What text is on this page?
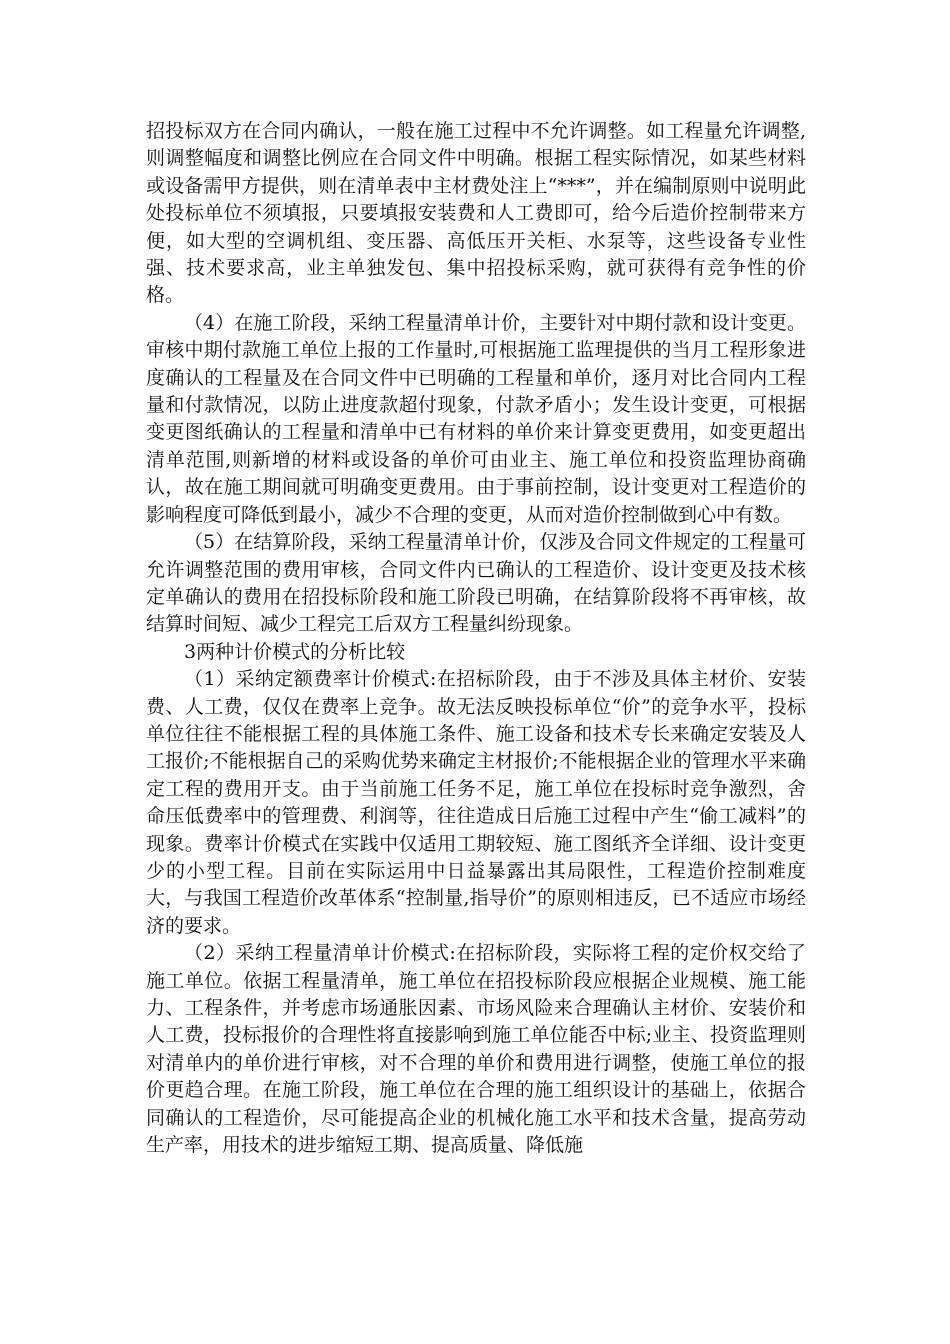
招投标双方在合同内确认，一般在施工过程中不允许调整。如工程量允许调整,则调整幅度和调整比例应在合同文件中明确。根据工程实际情况，如某些材料或设备需甲方提供，则在清单表中主材费处注上“***”，并在编制原则中说明此处投标单位不须填报，只要填报安装费和人工费即可，给今后造价控制带来方便，如大型的空调机组、变压器、高低压开关柜、水泵等，这些设备专业性强、技术要求高，业主单独发包、集中招投标采购，就可获得有竞争性的价格。

（4）在施工阶段，采纳工程量清单计价，主要针对中期付款和设计变更。审核中期付款施工单位上报的工作量时,可根据施工监理提供的当月工程形象进度确认的工程量及在合同文件中已明确的工程量和单价，逐月对比合同内工程量和付款情况，以防止进度款超付现象，付款矛盾小；发生设计变更，可根据变更图纸确认的工程量和清单中已有材料的单价来计算变更费用，如变更超出清单范围,则新增的材料或设备的单价可由业主、施工单位和投资监理协商确认，故在施工期间就可明确变更费用。由于事前控制，设计变更对工程造价的影响程度可降低到最小，减少不合理的变更，从而对造价控制做到心中有数。

（5）在结算阶段，采纳工程量清单计价，仅涉及合同文件规定的工程量可允许调整范围的费用审核，合同文件内已确认的工程造价、设计变更及技术核定单确认的费用在招投标阶段和施工阶段已明确，在结算阶段将不再审核，故结算时间短、减少工程完工后双方工程量纠纷现象。

3两种计价模式的分析比较

（1）采纳定额费率计价模式:在招标阶段，由于不涉及具体主材价、安装费、人工费，仅仅在费率上竞争。故无法反映投标单位“价”的竞争水平，投标单位往往不能根据工程的具体施工条件、施工设备和技术专长来确定安装及人工报价;不能根据自己的采购优势来确定主材报价;不能根据企业的管理水平来确定工程的费用开支。由于当前施工任务不足，施工单位在投标时竞争激烈，舍命压低费率中的管理费、利润等，往往造成日后施工过程中产生“偷工减料”的现象。费率计价模式在实践中仅适用工期较短、施工图纸齐全详细、设计变更少的小型工程。目前在实际运用中日益暴露出其局限性，工程造价控制难度大，与我国工程造价改革体系“控制量,指导价”的原则相违反，已不适应市场经济的要求。

（2）采纳工程量清单计价模式:在招标阶段，实际将工程的定价权交给了施工单位。依据工程量清单，施工单位在招投标阶段应根据企业规模、施工能力、工程条件，并考虑市场通胀因素、市场风险来合理确认主材价、安装价和人工费，投标报价的合理性将直接影响到施工单位能否中标;业主、投资监理则对清单内的单价进行审核，对不合理的单价和费用进行调整，使施工单位的报价更趋合理。在施工阶段，施工单位在合理的施工组织设计的基础上，依据合同确认的工程造价，尽可能提高企业的机械化施工水平和技术含量，提高劳动生产率，用技术的进步缩短工期、提高质量、降低施
